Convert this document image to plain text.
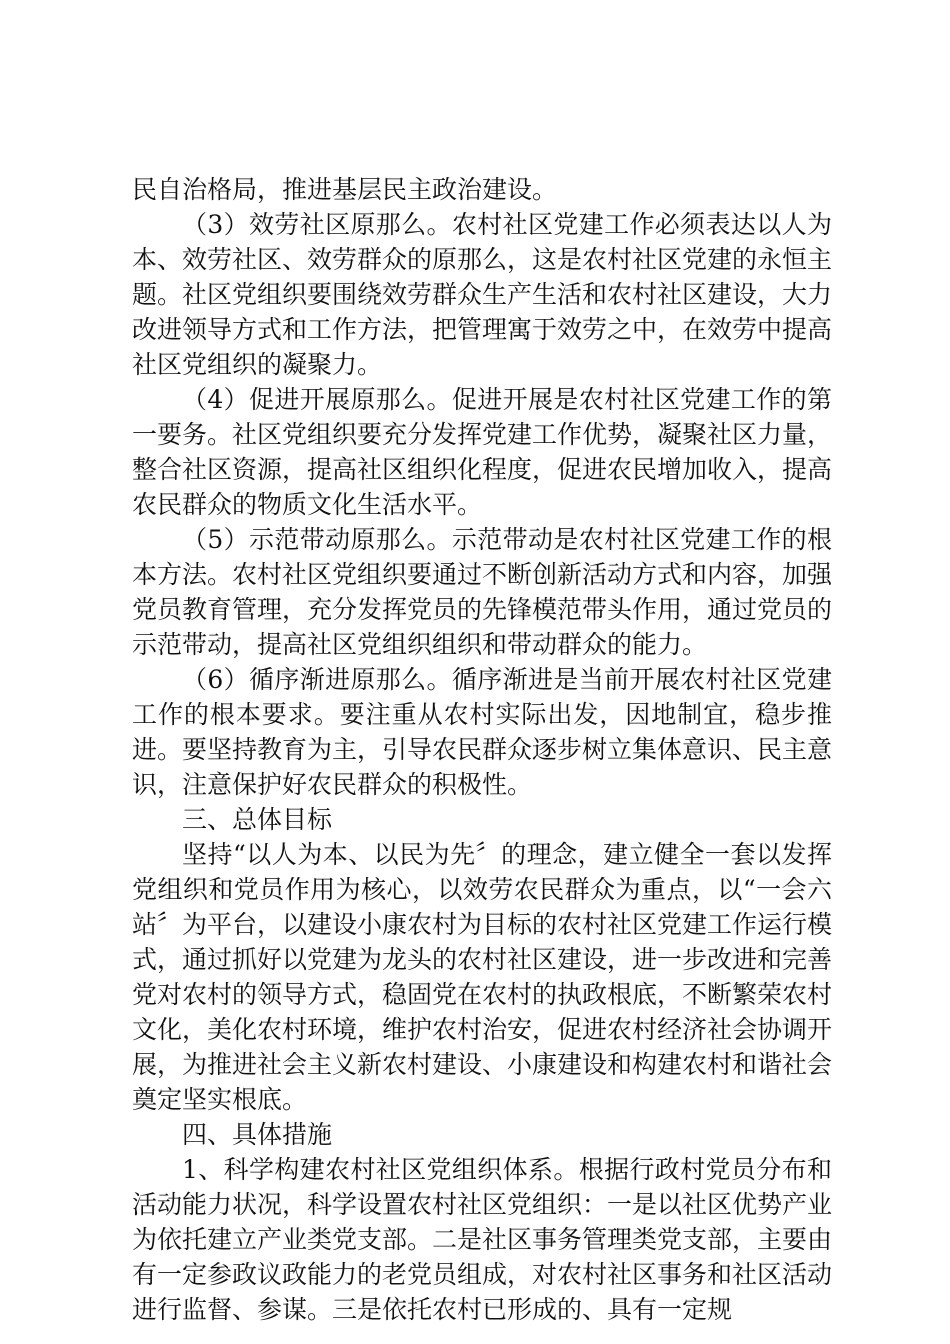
民自治格局，推进基层民主政治建设。

（3）效劳社区原那么。农村社区党建工作必须表达以人为本、效劳社区、效劳群众的原那么，这是农村社区党建的永恒主题。社区党组织要围绕效劳群众生产生活和农村社区建设，大力改进领导方式和工作方法，把管理寓于效劳之中，在效劳中提高社区党组织的凝聚力。

（4）促进开展原那么。促进开展是农村社区党建工作的第一要务。社区党组织要充分发挥党建工作优势，凝聚社区力量，整合社区资源，提高社区组织化程度，促进农民增加收入，提高农民群众的物质文化生活水平。

（5）示范带动原那么。示范带动是农村社区党建工作的根本方法。农村社区党组织要通过不断创新活动方式和内容，加强党员教育管理，充分发挥党员的先锋模范带头作用，通过党员的示范带动，提高社区党组织组织和带动群众的能力。

（6）循序渐进原那么。循序渐进是当前开展农村社区党建工作的根本要求。要注重从农村实际出发，因地制宜，稳步推进。要坚持教育为主，引导农民群众逐步树立集体意识、民主意识，注意保护好农民群众的积极性。

三、总体目标

坚持“以人为本、以民为先〞的理念，建立健全一套以发挥党组织和党员作用为核心，以效劳农民群众为重点，以“一会六站〞为平台，以建设小康农村为目标的农村社区党建工作运行模式，通过抓好以党建为龙头的农村社区建设，进一步改进和完善党对农村的领导方式，稳固党在农村的执政根底，不断繁荣农村文化，美化农村环境，维护农村治安，促进农村经济社会协调开展，为推进社会主义新农村建设、小康建设和构建农村和谐社会奠定坚实根底。

四、具体措施

1、科学构建农村社区党组织体系。根据行政村党员分布和活动能力状况，科学设置农村社区党组织：一是以社区优势产业为依托建立产业类党支部。二是社区事务管理类党支部，主要由有一定参政议政能力的老党员组成，对农村社区事务和社区活动进行监督、参谋。三是依托农村已形成的、具有一定规
